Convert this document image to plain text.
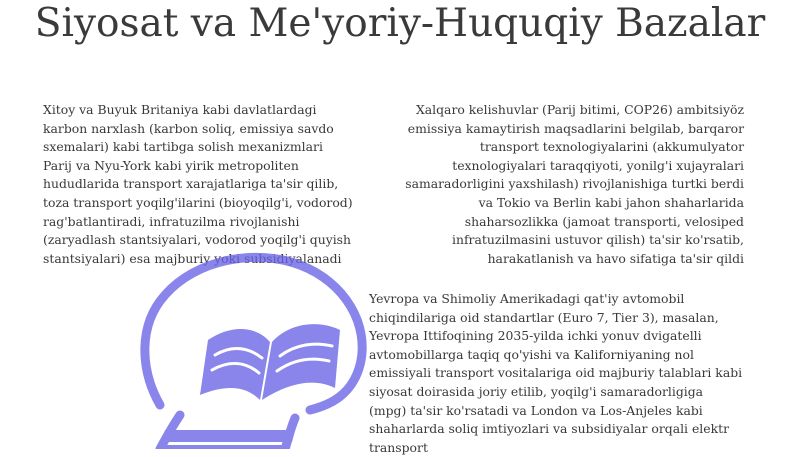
Siyosat va Me'yoriy-Huquqiy Bazalar
Xitoy va Buyuk Britaniya kabi davlatlardagi karbon narxlash (karbon soliq, emissiya savdo sxemalari) kabi tartibga solish mexanizmlari Parij va Nyu-York kabi yirik metropoliten hududlarida transport xarajatlariga ta'sir qilib, toza transport yoqilg'ilarini (bioyoqilg'i, vodorod) rag'batlantiradi, infratuzilma rivojlanishi (zaryadlash stantsiyalari, vodorod yoqilg'i quyish stantsiyalari) esa majburiy yoki subsidiyalanadi
Xalqaro kelishuvlar (Parij bitimi, COP26) ambitsiyöz emissiya kamaytirish maqsadlarini belgilab, barqaror transport texnologiyalarini (akkumulyator texnologiyalari taraqqiyoti, yonilg'i xujayralari samaradorligini yaxshilash) rivojlanishiga turtki berdi va Tokio va Berlin kabi jahon shaharlarida shaharsozlikka (jamoat transporti, velosiped infratuzilmasini ustuvor qilish) ta'sir ko'rsatib, harakatlanish va havo sifatiga ta'sir qildi
Yevropa va Shimoliy Amerikadagi qat'iy avtomobil chiqindilariga oid standartlar (Euro 7, Tier 3), masalan, Yevropa Ittifoqining 2035-yilda ichki yonuv dvigatelli avtomobillarga taqiq qo'yishi va Kaliforniyaning nol emissiyali transport vositalariga oid majburiy talablari kabi siyosat doirasida joriy etilib, yoqilg'i samaradorligiga (mpg) ta'sir ko'rsatadi va London va Los-Anjeles kabi shaharlarda soliq imtiyozlari va subsidiyalar orqali elektr transport
